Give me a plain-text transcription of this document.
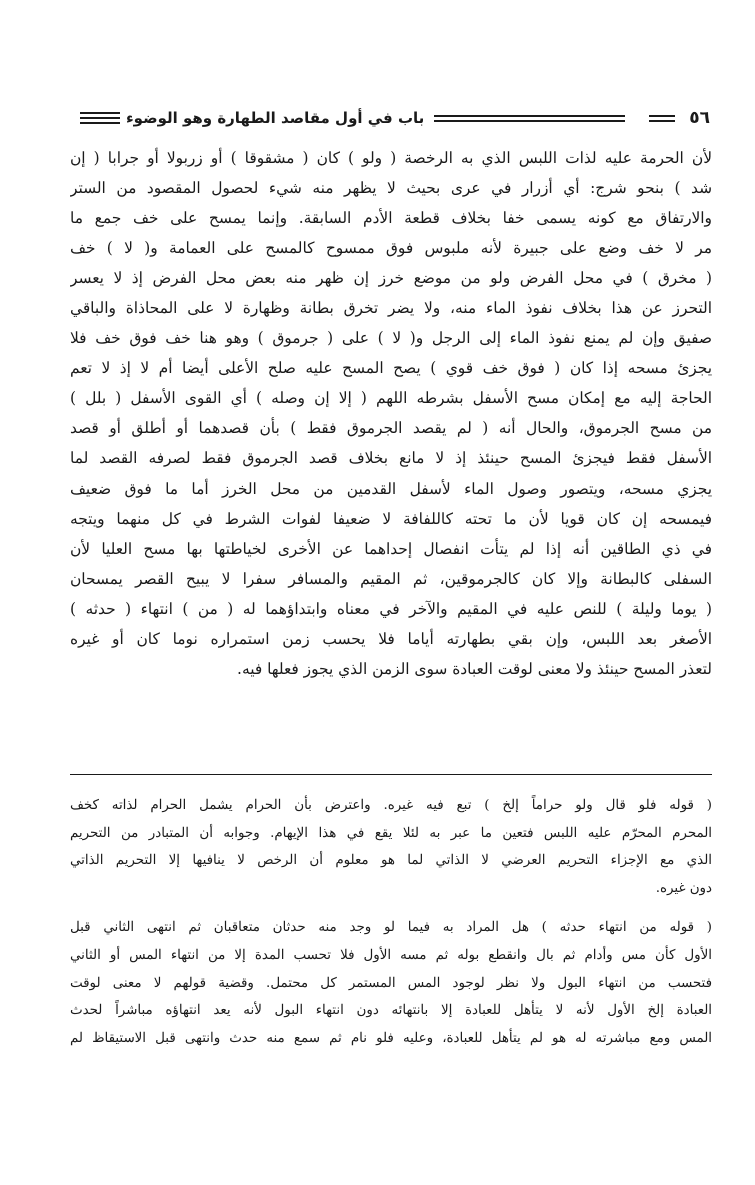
٥٦
باب في أول مقاصد الطهارة وهو الوضوء
لأن الحرمة عليه لذات اللبس الذي به الرخصة ( ولو ) كان ( مشقوقا ) أو زربولا أو جرابا ( إن
شد ) بنحو شرج: أي أزرار في عرى بحيث لا يظهر منه شيء لحصول المقصود من الستر
والارتفاق مع كونه يسمى خفا بخلاف قطعة الأدم السابقة. وإنما يمسح على خف جمع ما
مر لا خف وضع على جبيرة لأنه ملبوس فوق ممسوح كالمسح على العمامة و( لا ) خف
( مخرق ) في محل الفرض ولو من موضع خرز إن ظهر منه بعض محل الفرض إذ لا يعسر
التحرز عن هذا بخلاف نفوذ الماء منه، ولا يضر تخرق بطانة وظهارة لا على المحاذاة والباقي
صفيق وإن لم يمنع نفوذ الماء إلى الرجل و( لا ) على ( جرموق ) وهو هنا خف فوق خف فلا
يجزئ مسحه إذا كان ( فوق خف قوي ) يصح المسح عليه صلح الأعلى أيضا أم لا إذ لا تعم
الحاجة إليه مع إمكان مسح الأسفل بشرطه اللهم ( إلا إن وصله ) أي القوى الأسفل ( بلل )
من مسح الجرموق، والحال أنه ( لم يقصد الجرموق فقط ) بأن قصدهما أو أطلق أو قصد
الأسفل فقط فيجزئ المسح حينئذ إذ لا مانع بخلاف قصد الجرموق فقط لصرفه القصد لما
يجزي مسحه، ويتصور وصول الماء لأسفل القدمين من محل الخرز أما ما فوق ضعيف
فيمسحه إن كان قويا لأن ما تحته كاللفافة لا ضعيفا لفوات الشرط في كل منهما ويتجه
في ذي الطاقين أنه إذا لم يتأت انفصال إحداهما عن الأخرى لخياطتها بها مسح العليا لأن
السفلى كالبطانة وإلا كان كالجرموقين، ثم المقيم والمسافر سفرا لا يبيح القصر يمسحان
( يوما وليلة ) للنص عليه في المقيم والآخر في معناه وابتداؤهما له ( من ) انتهاء ( حدثه )
الأصغر بعد اللبس، وإن بقي بطهارته أياما فلا يحسب زمن استمراره نوما كان أو غيره
لتعذر المسح حينئذ ولا معنى لوقت العبادة سوى الزمن الذي يجوز فعلها فيه.
( قوله فلو قال ولو حراماً إلخ ) تبع فيه غيره. واعترض بأن الحرام يشمل الحرام لذاته كخف
المحرم المحرّم عليه اللبس فتعين ما عبر به لئلا يقع في هذا الإيهام. وجوابه أن المتبادر من التحريم
الذي مع الإجزاء التحريم العرضي لا الذاتي لما هو معلوم أن الرخص لا ينافيها إلا التحريم الذاتي
دون غيره.
( قوله من انتهاء حدثه ) هل المراد به فيما لو وجد منه حدثان متعاقبان ثم انتهى الثاني قبل
الأول كأن مس وأدام ثم بال وانقطع بوله ثم مسه الأول فلا تحسب المدة إلا من انتهاء المس أو الثاني
فتحسب من انتهاء البول ولا نظر لوجود المس المستمر كل محتمل. وقضية قولهم لا معنى لوقت
العبادة إلخ الأول لأنه لا يتأهل للعبادة إلا بانتهائه دون انتهاء البول لأنه يعد انتهاؤه مباشراً لحدث
المس ومع مباشرته له هو لم يتأهل للعبادة، وعليه فلو نام ثم سمع منه حدث وانتهى قبل الاستيقاظ لم
